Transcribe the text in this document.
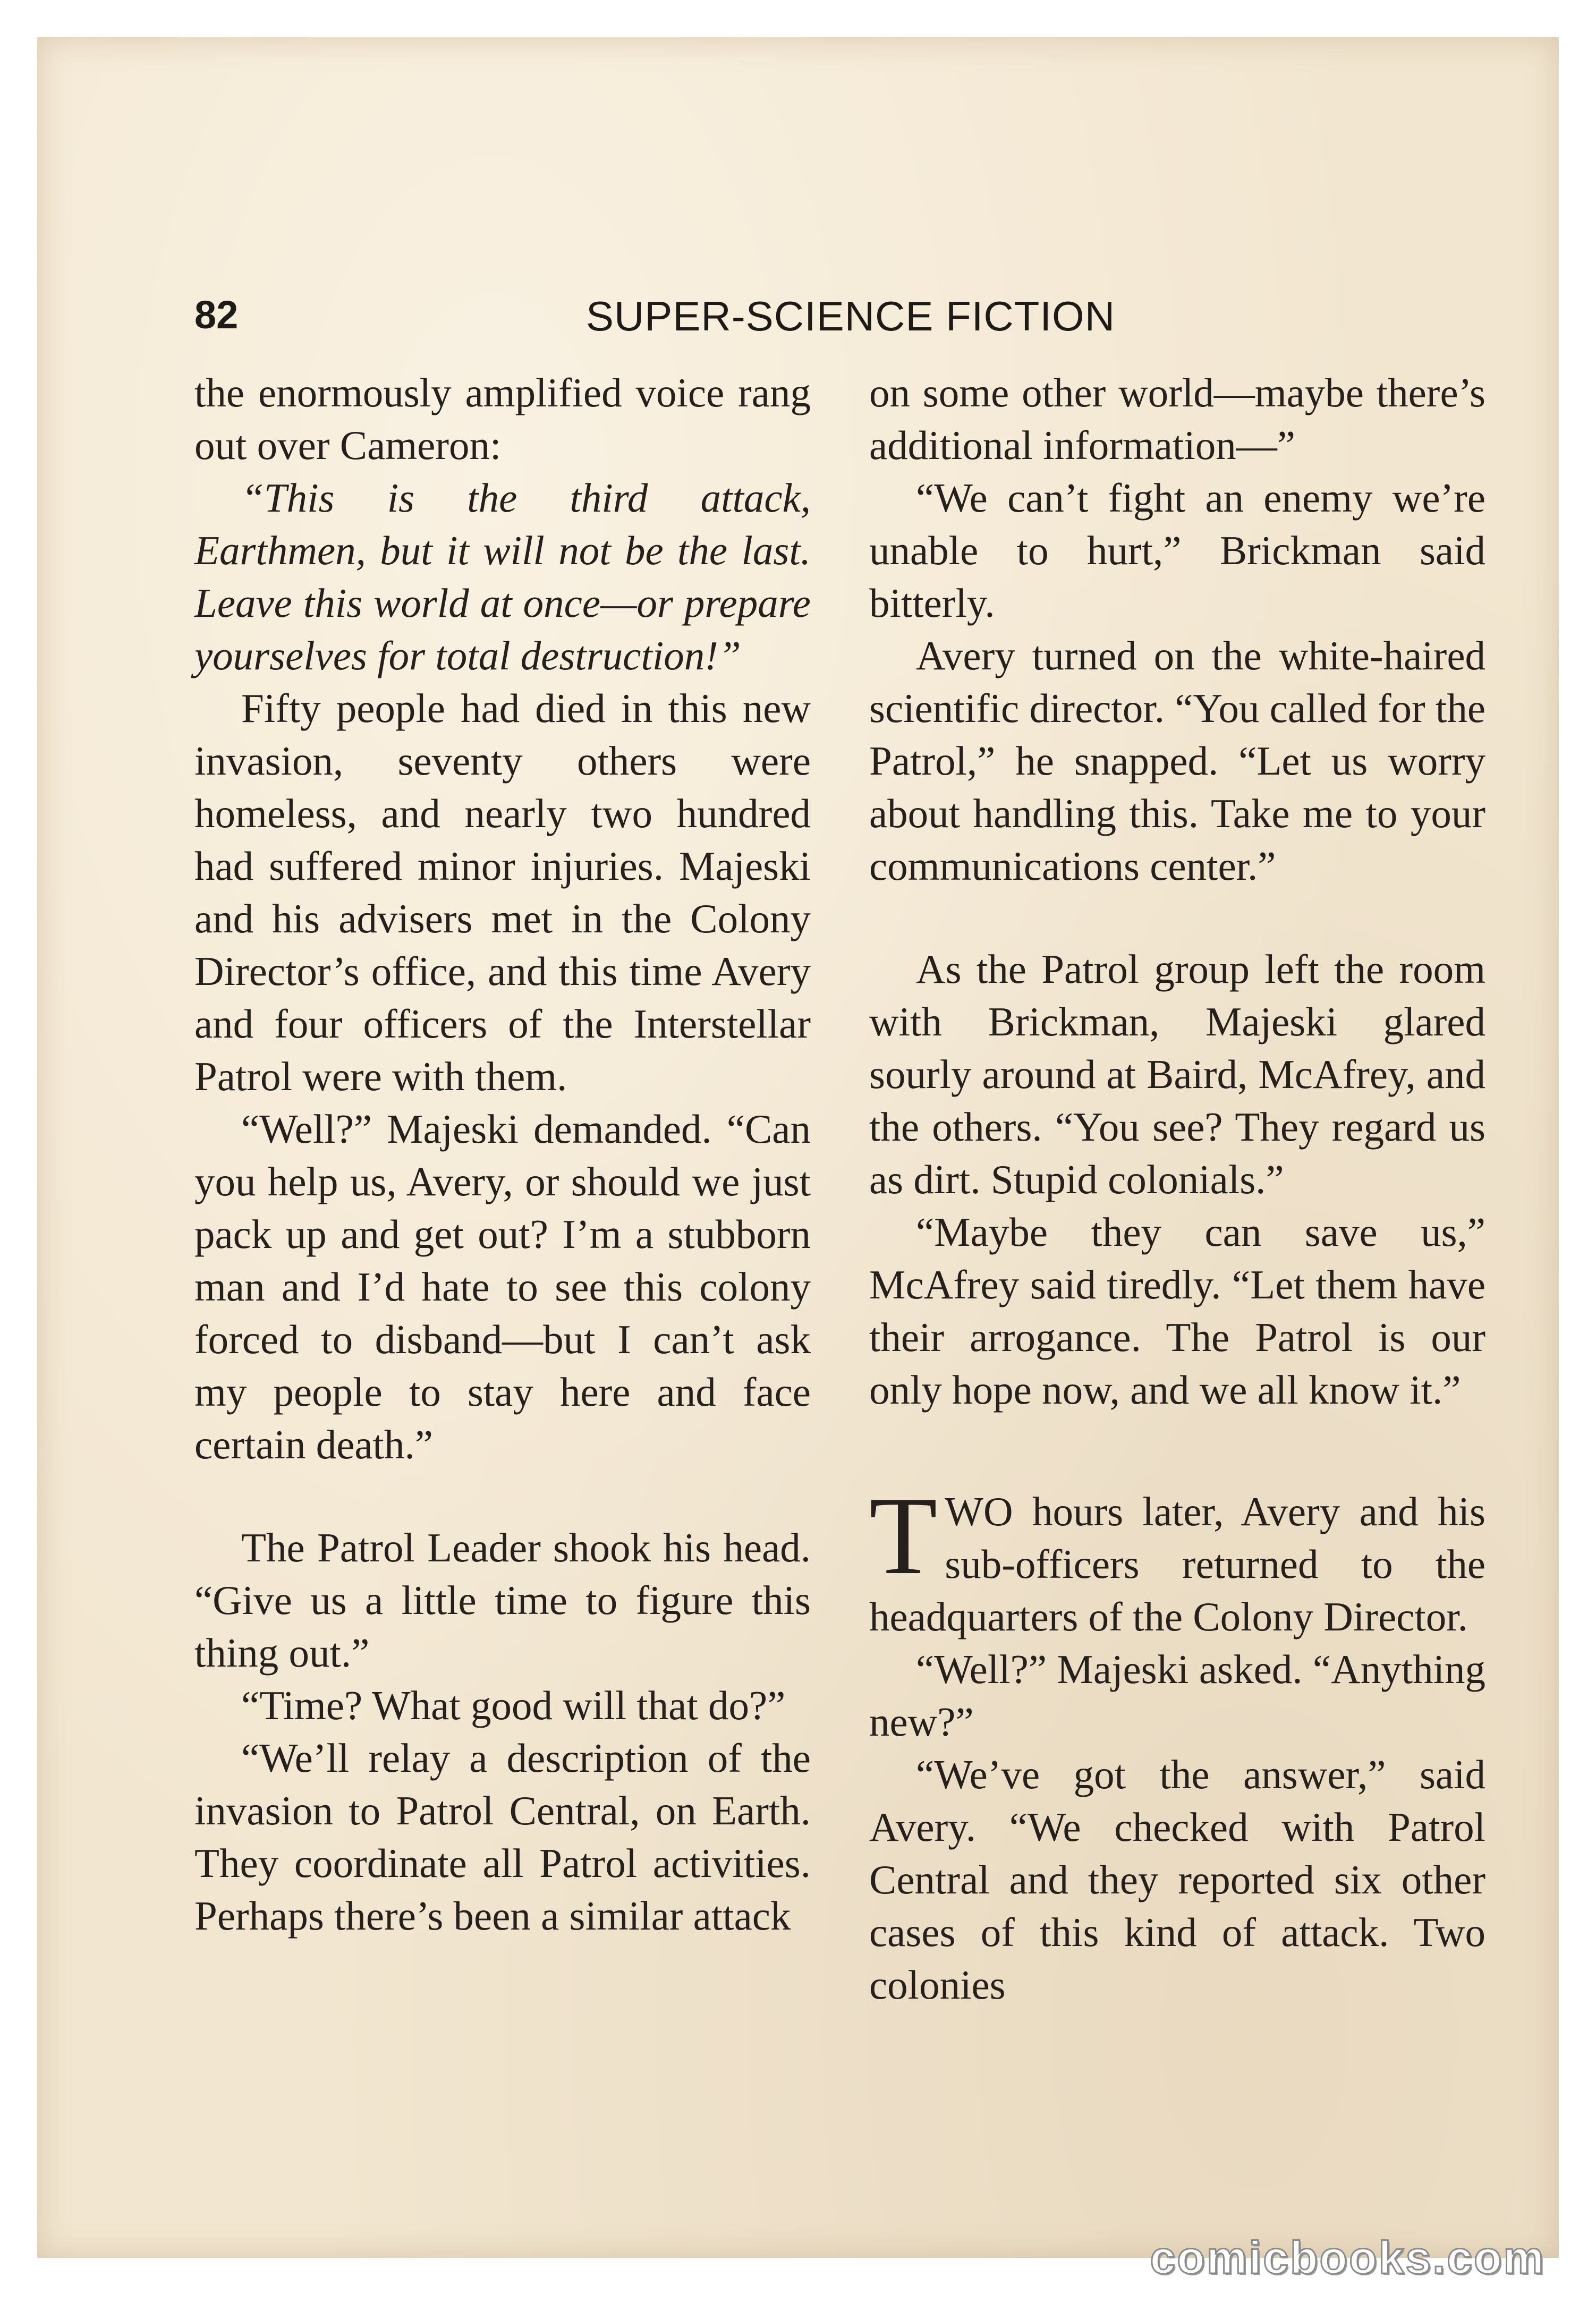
82	SUPER-SCIENCE FICTION

the enormously amplified voice rang out over Cameron:

“This is the third attack, Earthmen, but it will not be the last. Leave this world at once—or prepare yourselves for total destruction!”

Fifty people had died in this new invasion, seventy others were homeless, and nearly two hundred had suffered minor injuries. Majeski and his advisers met in the Colony Director’s office, and this time Avery and four officers of the Interstellar Patrol were with them.

“Well?” Majeski demanded. “Can you help us, Avery, or should we just pack up and get out? I’m a stubborn man and I’d hate to see this colony forced to disband—but I can’t ask my people to stay here and face certain death.”

The Patrol Leader shook his head. “Give us a little time to figure this thing out.”

“Time? What good will that do?”

“We’ll relay a description of the invasion to Patrol Central, on Earth. They coordinate all Patrol activities. Perhaps there’s been a similar attack

on some other world—maybe there’s additional information—”

“We can’t fight an enemy we’re unable to hurt,” Brickman said bitterly.

Avery turned on the white-haired scientific director. “You called for the Patrol,” he snapped. “Let us worry about handling this. Take me to your communications center.”

As the Patrol group left the room with Brickman, Majeski glared sourly around at Baird, McAfrey, and the others. “You see? They regard us as dirt. Stupid colonials.”

“Maybe they can save us,” McAfrey said tiredly. “Let them have their arrogance. The Patrol is our only hope now, and we all know it.”

TWO hours later, Avery and his sub-officers returned to the headquarters of the Colony Director.

“Well?” Majeski asked. “Anything new?”

“We’ve got the answer,” said Avery. “We checked with Patrol Central and they reported six other cases of this kind of attack. Two colonies

comicbooks.com
